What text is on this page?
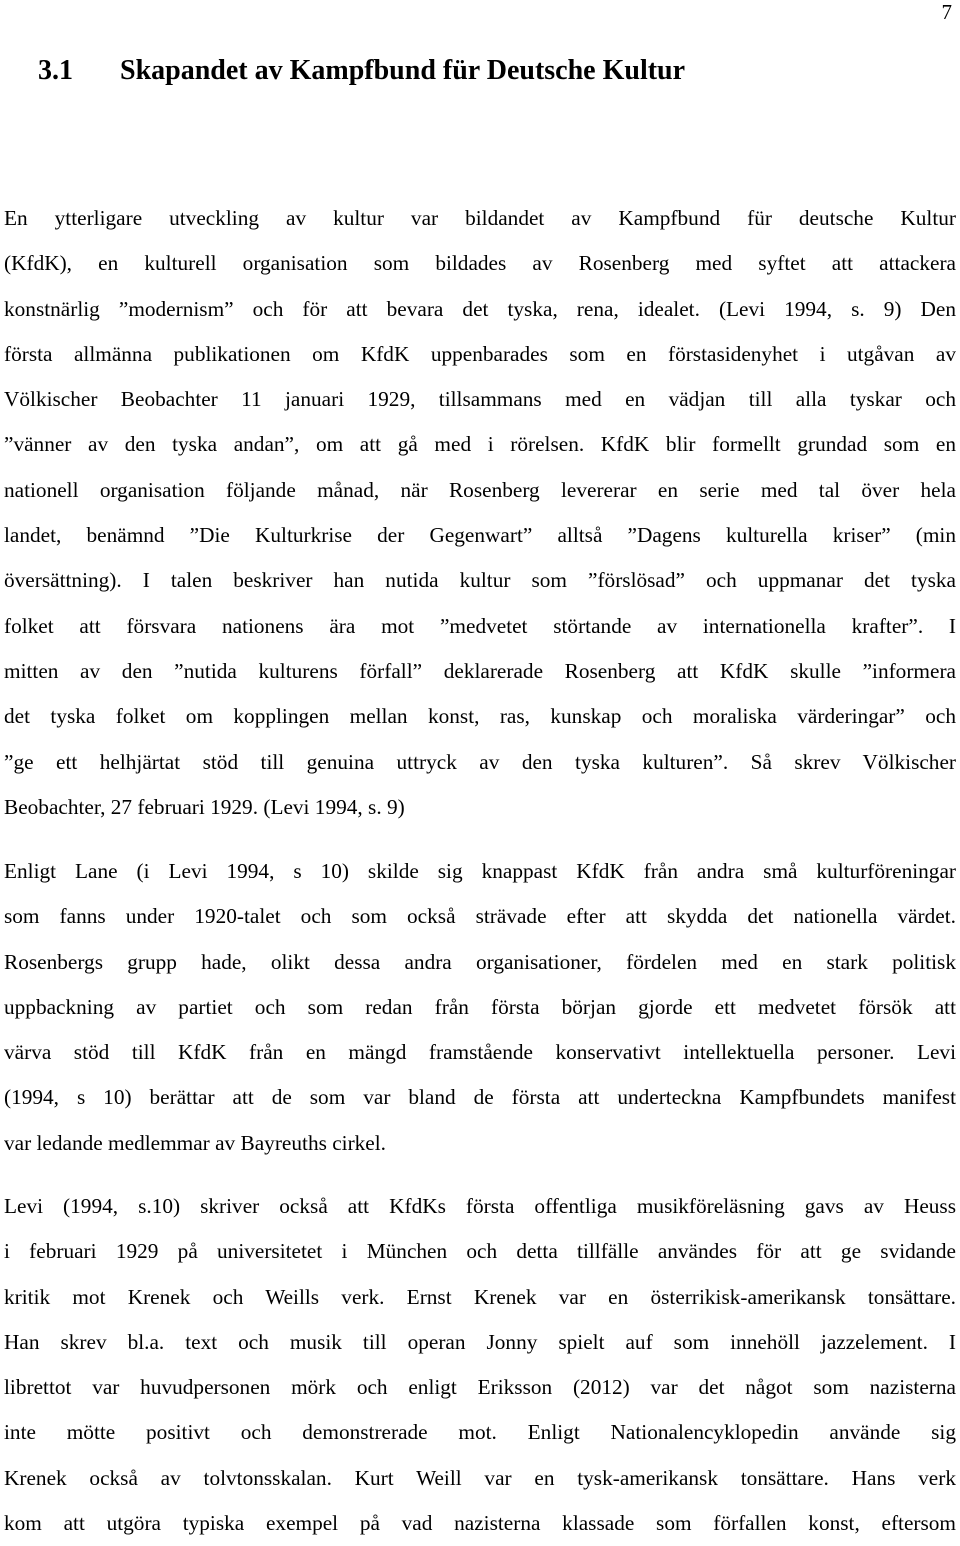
7
3.1 Skapandet av Kampfbund für Deutsche Kultur
En ytterligare utveckling av kultur var bildandet av Kampfbund für deutsche Kultur
(KfdK), en kulturell organisation som bildades av Rosenberg med syftet att attackera
konstnärlig ”modernism” och för att bevara det tyska, rena, idealet. (Levi 1994, s. 9) Den
första allmänna publikationen om KfdK uppenbarades som en förstasidenyhet i utgåvan av
Völkischer Beobachter 11 januari 1929, tillsammans med en vädjan till alla tyskar och
”vänner av den tyska andan”, om att gå med i rörelsen. KfdK blir formellt grundad som en
nationell organisation följande månad, när Rosenberg levererar en serie med tal över hela
landet, benämnd ”Die Kulturkrise der Gegenwart” alltså ”Dagens kulturella kriser” (min
översättning). I talen beskriver han nutida kultur som ”förslösad” och uppmanar det tyska
folket att försvara nationens ära mot ”medvetet störtande av internationella krafter”. I
mitten av den ”nutida kulturens förfall” deklarerade Rosenberg att KfdK skulle ”informera
det tyska folket om kopplingen mellan konst, ras, kunskap och moraliska värderingar” och
”ge ett helhjärtat stöd till genuina uttryck av den tyska kulturen”. Så skrev Völkischer
Beobachter, 27 februari 1929. (Levi 1994, s. 9)
Enligt Lane (i Levi 1994, s 10) skilde sig knappast KfdK från andra små kulturföreningar
som fanns under 1920-talet och som också strävade efter att skydda det nationella värdet.
Rosenbergs grupp hade, olikt dessa andra organisationer, fördelen med en stark politisk
uppbackning av partiet och som redan från första början gjorde ett medvetet försök att
värva stöd till KfdK från en mängd framstående konservativt intellektuella personer. Levi
(1994, s 10) berättar att de som var bland de första att underteckna Kampfbundets manifest
var ledande medlemmar av Bayreuths cirkel.
Levi (1994, s.10) skriver också att KfdKs första offentliga musikföreläsning gavs av Heuss
i februari 1929 på universitetet i München och detta tillfälle användes för att ge svidande
kritik mot Krenek och Weills verk. Ernst Krenek var en österrikisk-amerikansk tonsättare.
Han skrev bl.a. text och musik till operan Jonny spielt auf som innehöll jazzelement. I
librettot var huvudpersonen mörk och enligt Eriksson (2012) var det något som nazisterna
inte mötte positivt och demonstrerade mot. Enligt Nationalencyklopedin använde sig
Krenek också av tolvtonsskalan. Kurt Weill var en tysk-amerikansk tonsättare. Hans verk
kom att utgöra typiska exempel på vad nazisterna klassade som förfallen konst, eftersom
